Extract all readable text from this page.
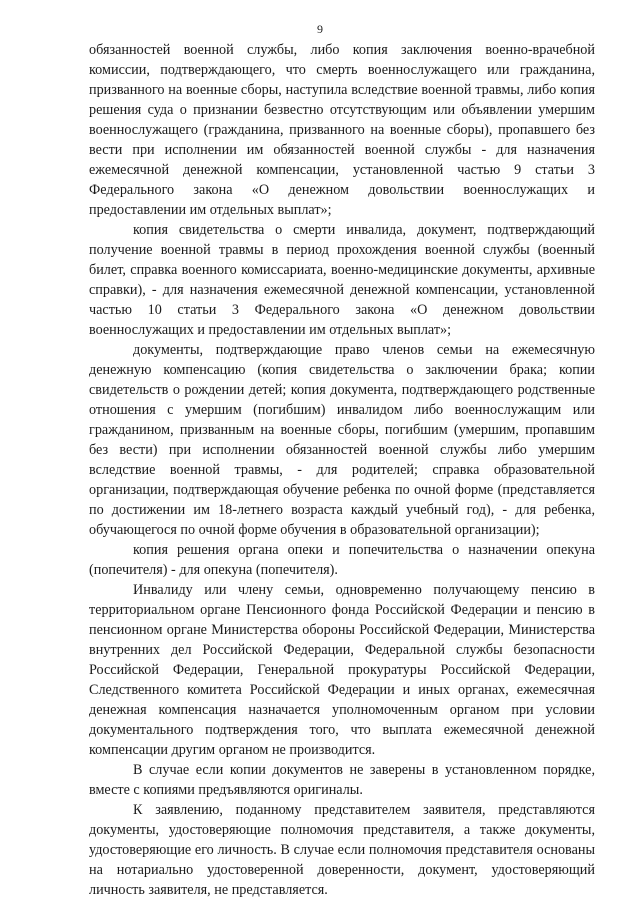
9

обязанностей военной службы, либо копия заключения военно-врачебной комиссии, подтверждающего, что смерть военнослужащего или гражданина, призванного на военные сборы, наступила вследствие военной травмы, либо копия решения суда о признании безвестно отсутствующим или объявлении умершим военнослужащего (гражданина, призванного на военные сборы), пропавшего без вести при исполнении им обязанностей военной службы - для назначения ежемесячной денежной компенсации, установленной частью 9 статьи 3 Федерального закона «О денежном довольствии военнослужащих и предоставлении им отдельных выплат»;

копия свидетельства о смерти инвалида, документ, подтверждающий получение военной травмы в период прохождения военной службы (военный билет, справка военного комиссариата, военно-медицинские документы, архивные справки), - для назначения ежемесячной денежной компенсации, установленной частью 10 статьи 3 Федерального закона «О денежном довольствии военнослужащих и предоставлении им отдельных выплат»;

документы, подтверждающие право членов семьи на ежемесячную денежную компенсацию (копия свидетельства о заключении брака; копии свидетельств о рождении детей; копия документа, подтверждающего родственные отношения с умершим (погибшим) инвалидом либо военнослужащим или гражданином, призванным на военные сборы, погибшим (умершим, пропавшим без вести) при исполнении обязанностей военной службы либо умершим вследствие военной травмы, - для родителей; справка образовательной организации, подтверждающая обучение ребенка по очной форме (представляется по достижении им 18-летнего возраста каждый учебный год), - для ребенка, обучающегося по очной форме обучения в образовательной организации);

копия решения органа опеки и попечительства о назначении опекуна (попечителя) - для опекуна (попечителя).

Инвалиду или члену семьи, одновременно получающему пенсию в территориальном органе Пенсионного фонда Российской Федерации и пенсию в пенсионном органе Министерства обороны Российской Федерации, Министерства внутренних дел Российской Федерации, Федеральной службы безопасности Российской Федерации, Генеральной прокуратуры Российской Федерации, Следственного комитета Российской Федерации и иных органах, ежемесячная денежная компенсация назначается уполномоченным органом при условии документального подтверждения того, что выплата ежемесячной денежной компенсации другим органом не производится.

В случае если копии документов не заверены в установленном порядке, вместе с копиями предъявляются оригиналы.

К заявлению, поданному представителем заявителя, представляются документы, удостоверяющие полномочия представителя, а также документы, удостоверяющие его личность. В случае если полномочия представителя основаны на нотариально удостоверенной доверенности, документ, удостоверяющий личность заявителя, не представляется.
